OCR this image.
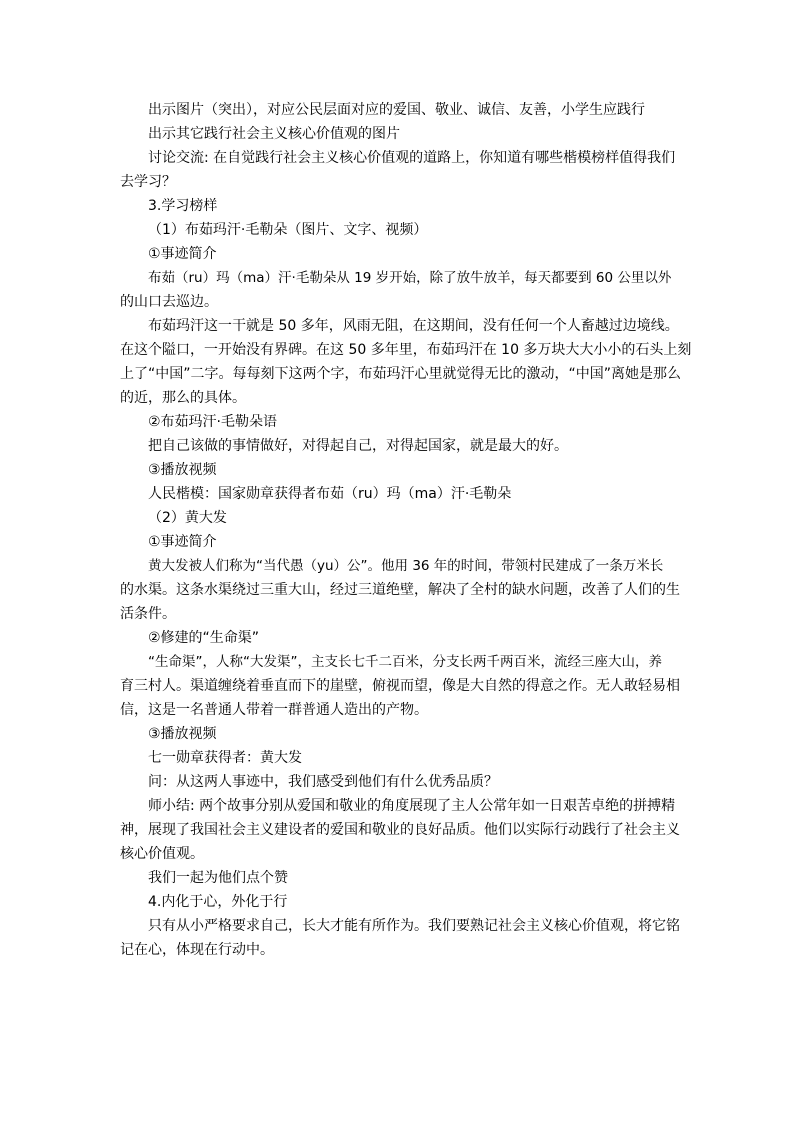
出示图片（突出），对应公民层面对应的爱国、敬业、诚信、友善，小学生应践行
出示其它践行社会主义核心价值观的图片
讨论交流: 在自觉践行社会主义核心价值观的道路上，你知道有哪些楷模榜样值得我们
去学习？
3.学习榜样
（1）布茹玛汗·毛勒朵（图片、文字、视频）
①事迹简介
布茹（ru）玛（ma）汗·毛勒朵从 19 岁开始，除了放牛放羊，每天都要到 60 公里以外
的山口去巡边。
布茹玛汗这一干就是 50 多年，风雨无阻，在这期间，没有任何一个人畜越过边境线。
在这个隘口，一开始没有界碑。在这 50 多年里，布茹玛汗在 10 多万块大大小小的石头上刻
上了“中国”二字。每每刻下这两个字，布茹玛汗心里就觉得无比的激动，“中国”离她是那么
的近，那么的具体。
②布茹玛汗·毛勒朵语
把自己该做的事情做好，对得起自己，对得起国家，就是最大的好。
③播放视频
人民楷模：国家勋章获得者布茹（ru）玛（ma）汗·毛勒朵
（2）黄大发
①事迹简介
黄大发被人们称为“当代愚（yu）公”。他用 36 年的时间，带领村民建成了一条万米长
的水渠。这条水渠绕过三重大山，经过三道绝壁，解决了全村的缺水问题，改善了人们的生
活条件。
②修建的“生命渠”
“生命渠”，人称“大发渠”，主支长七千二百米，分支长两千两百米，流经三座大山，养
育三村人。渠道缠绕着垂直而下的崖壁，俯视而望，像是大自然的得意之作。无人敢轻易相
信，这是一名普通人带着一群普通人造出的产物。
③播放视频
七一勋章获得者：黄大发
问：从这两人事迹中，我们感受到他们有什么优秀品质？
师小结: 两个故事分别从爱国和敬业的角度展现了主人公常年如一日艰苦卓绝的拼搏精
神，展现了我国社会主义建设者的爱国和敬业的良好品质。他们以实际行动践行了社会主义
核心价值观。
我们一起为他们点个赞
4.内化于心，外化于行
只有从小严格要求自己，长大才能有所作为。我们要熟记社会主义核心价值观，将它铭
记在心，体现在行动中。
